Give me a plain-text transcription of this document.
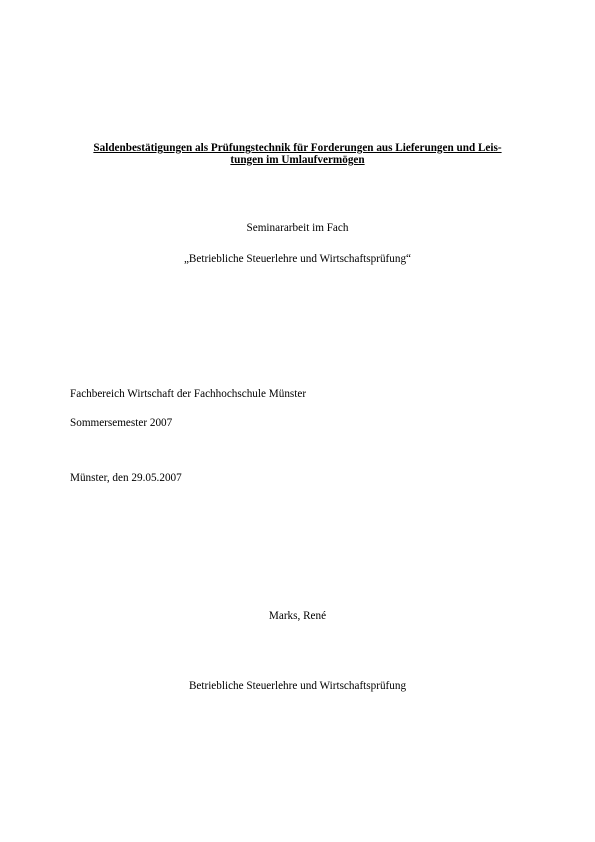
Saldenbestätigungen als Prüfungstechnik für Forderungen aus Lieferungen und Leis-
tungen im Umlaufvermögen
Seminararbeit im Fach
„Betriebliche Steuerlehre und Wirtschaftsprüfung“
Fachbereich Wirtschaft der Fachhochschule Münster
Sommersemester 2007
Münster, den 29.05.2007
Marks, René
Betriebliche Steuerlehre und Wirtschaftsprüfung
